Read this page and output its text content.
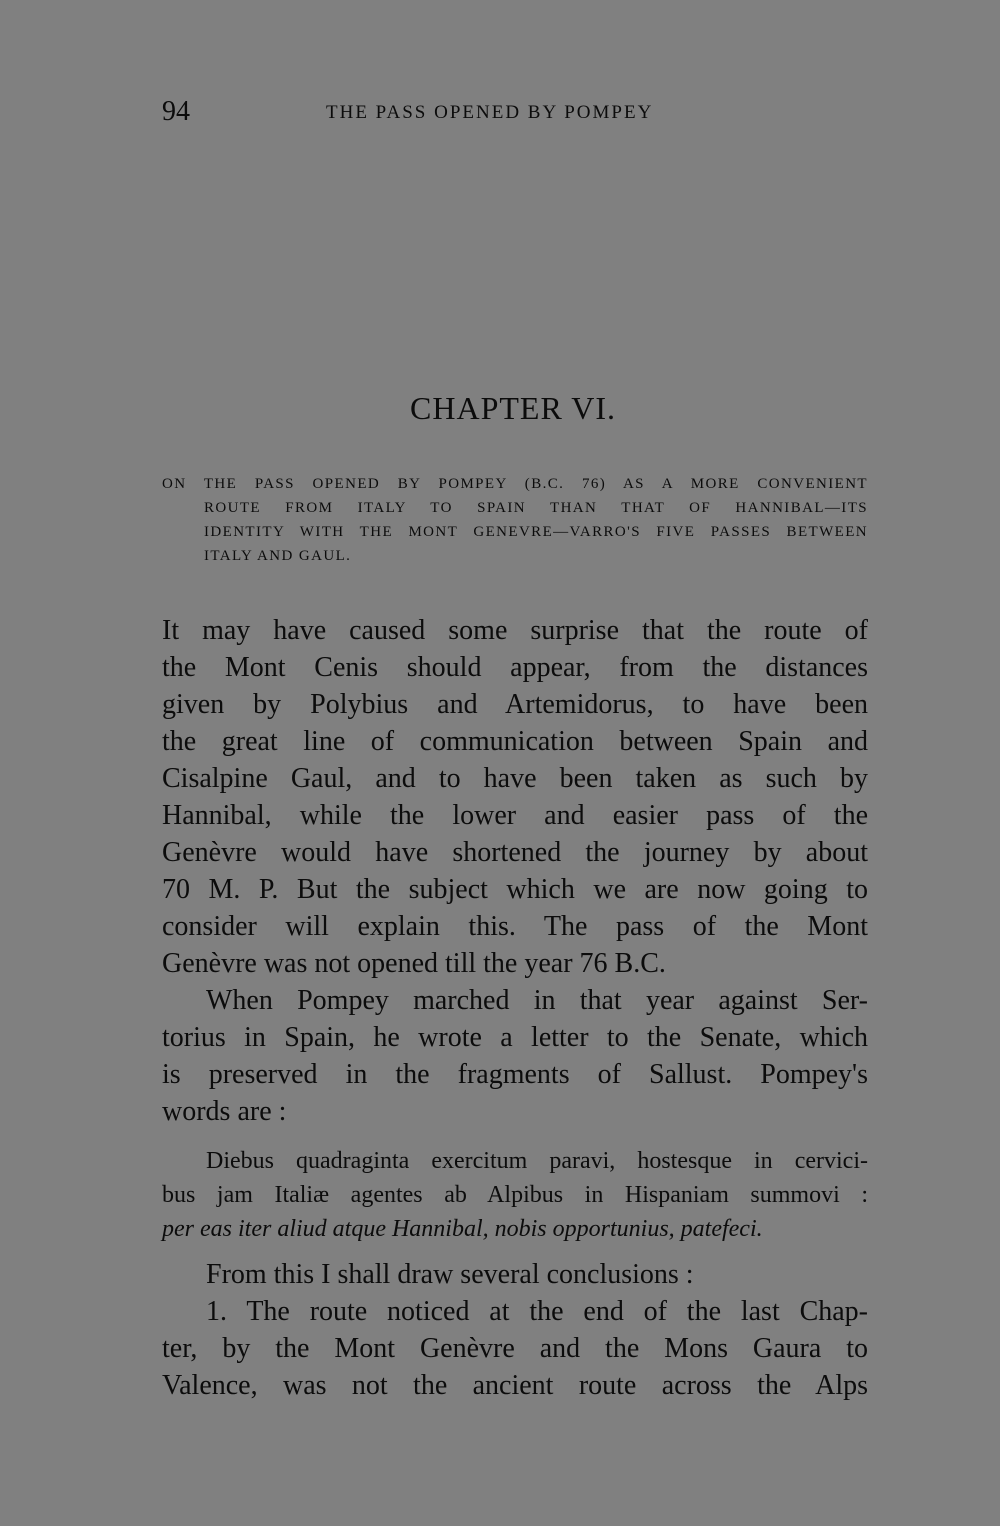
94	THE PASS OPENED BY POMPEY
CHAPTER VI.
ON THE PASS OPENED BY POMPEY (B.C. 76) AS A MORE CONVENIENT
ROUTE FROM ITALY TO SPAIN THAN THAT OF HANNIBAL—ITS
IDENTITY WITH THE MONT GENEVRE—VARRO'S FIVE PASSES BETWEEN
ITALY AND GAUL.
It may have caused some surprise that the route of
the Mont Cenis should appear, from the distances
given by Polybius and Artemidorus, to have been
the great line of communication between Spain and
Cisalpine Gaul, and to have been taken as such by
Hannibal, while the lower and easier pass of the
Genèvre would have shortened the journey by about
70 M. P. But the subject which we are now going to
consider will explain this. The pass of the Mont
Genèvre was not opened till the year 76 B.C.
When Pompey marched in that year against Ser-
torius in Spain, he wrote a letter to the Senate, which
is preserved in the fragments of Sallust. Pompey's
words are :
Diebus quadraginta exercitum paravi, hostesque in cervici-
bus jam Italiæ agentes ab Alpibus in Hispaniam summovi :
per eas iter aliud atque Hannibal, nobis opportunius, patefeci.
From this I shall draw several conclusions :
1. The route noticed at the end of the last Chap-
ter, by the Mont Genèvre and the Mons Gaura to
Valence, was not the ancient route across the Alps
